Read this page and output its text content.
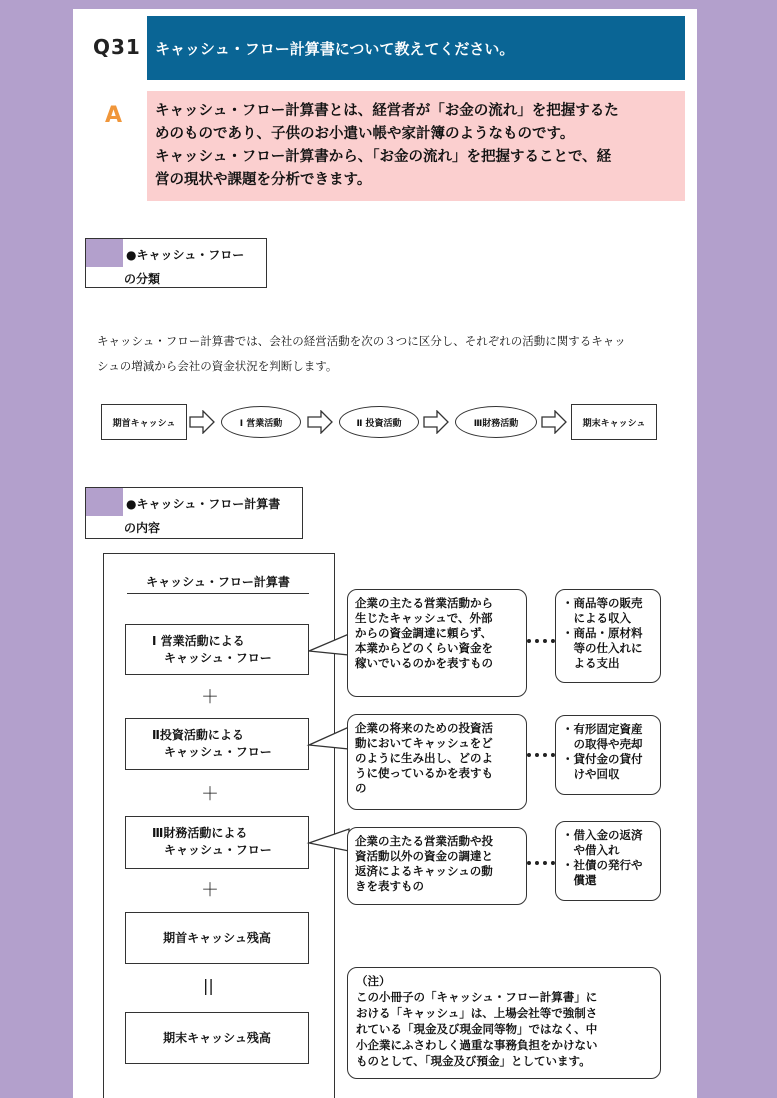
Q31 キャッシュ・フロー計算書について教えてください。
A キャッシュ・フロー計算書とは、経営者が「お金の流れ」を把握するた
めのものであり、子供のお小遣い帳や家計簿のようなものです。
キャッシュ・フロー計算書から、「お金の流れ」を把握することで、経
営の現状や課題を分析できます。
●キャッシュ・フロー
の分類
キャッシュ・フロー計算書では、会社の経営活動を次の３つに区分し、それぞれの活動に関するキャッ
シュの増減から会社の資金状況を判断します。
期首キャッシュ	Ⅰ 営業活動	Ⅱ 投資活動	Ⅲ財務活動	期末キャッシュ
●キャッシュ・フロー計算書
の内容
キャッシュ・フロー計算書
Ⅰ 営業活動による
キャッシュ・フロー
＋
Ⅱ投資活動による
キャッシュ・フロー
＋
Ⅲ財務活動による
キャッシュ・フロー
＋
期首キャッシュ残高
||
期末キャッシュ残高
企業の主たる営業活動から
生じたキャッシュで、外部
からの資金調達に頼らず、
本業からどのくらい資金を
稼いでいるのかを表すもの
企業の将来のための投資活
動においてキャッシュをど
のように生み出し、どのよ
うに使っているかを表すも
の
企業の主たる営業活動や投
資活動以外の資金の調達と
返済によるキャッシュの動
きを表すもの
・商品等の販売
　による収入
・商品・原材料
　等の仕入れに
　よる支出
・有形固定資産
　の取得や売却
・貸付金の貸付
　けや回収
・借入金の返済
　や借入れ
・社債の発行や
　償還
（注）
この小冊子の「キャッシュ・フロー計算書」に
おける「キャッシュ」は、上場会社等で強制さ
れている「現金及び現金同等物」ではなく、中
小企業にふさわしく過重な事務負担をかけない
ものとして、「現金及び預金」としています。
